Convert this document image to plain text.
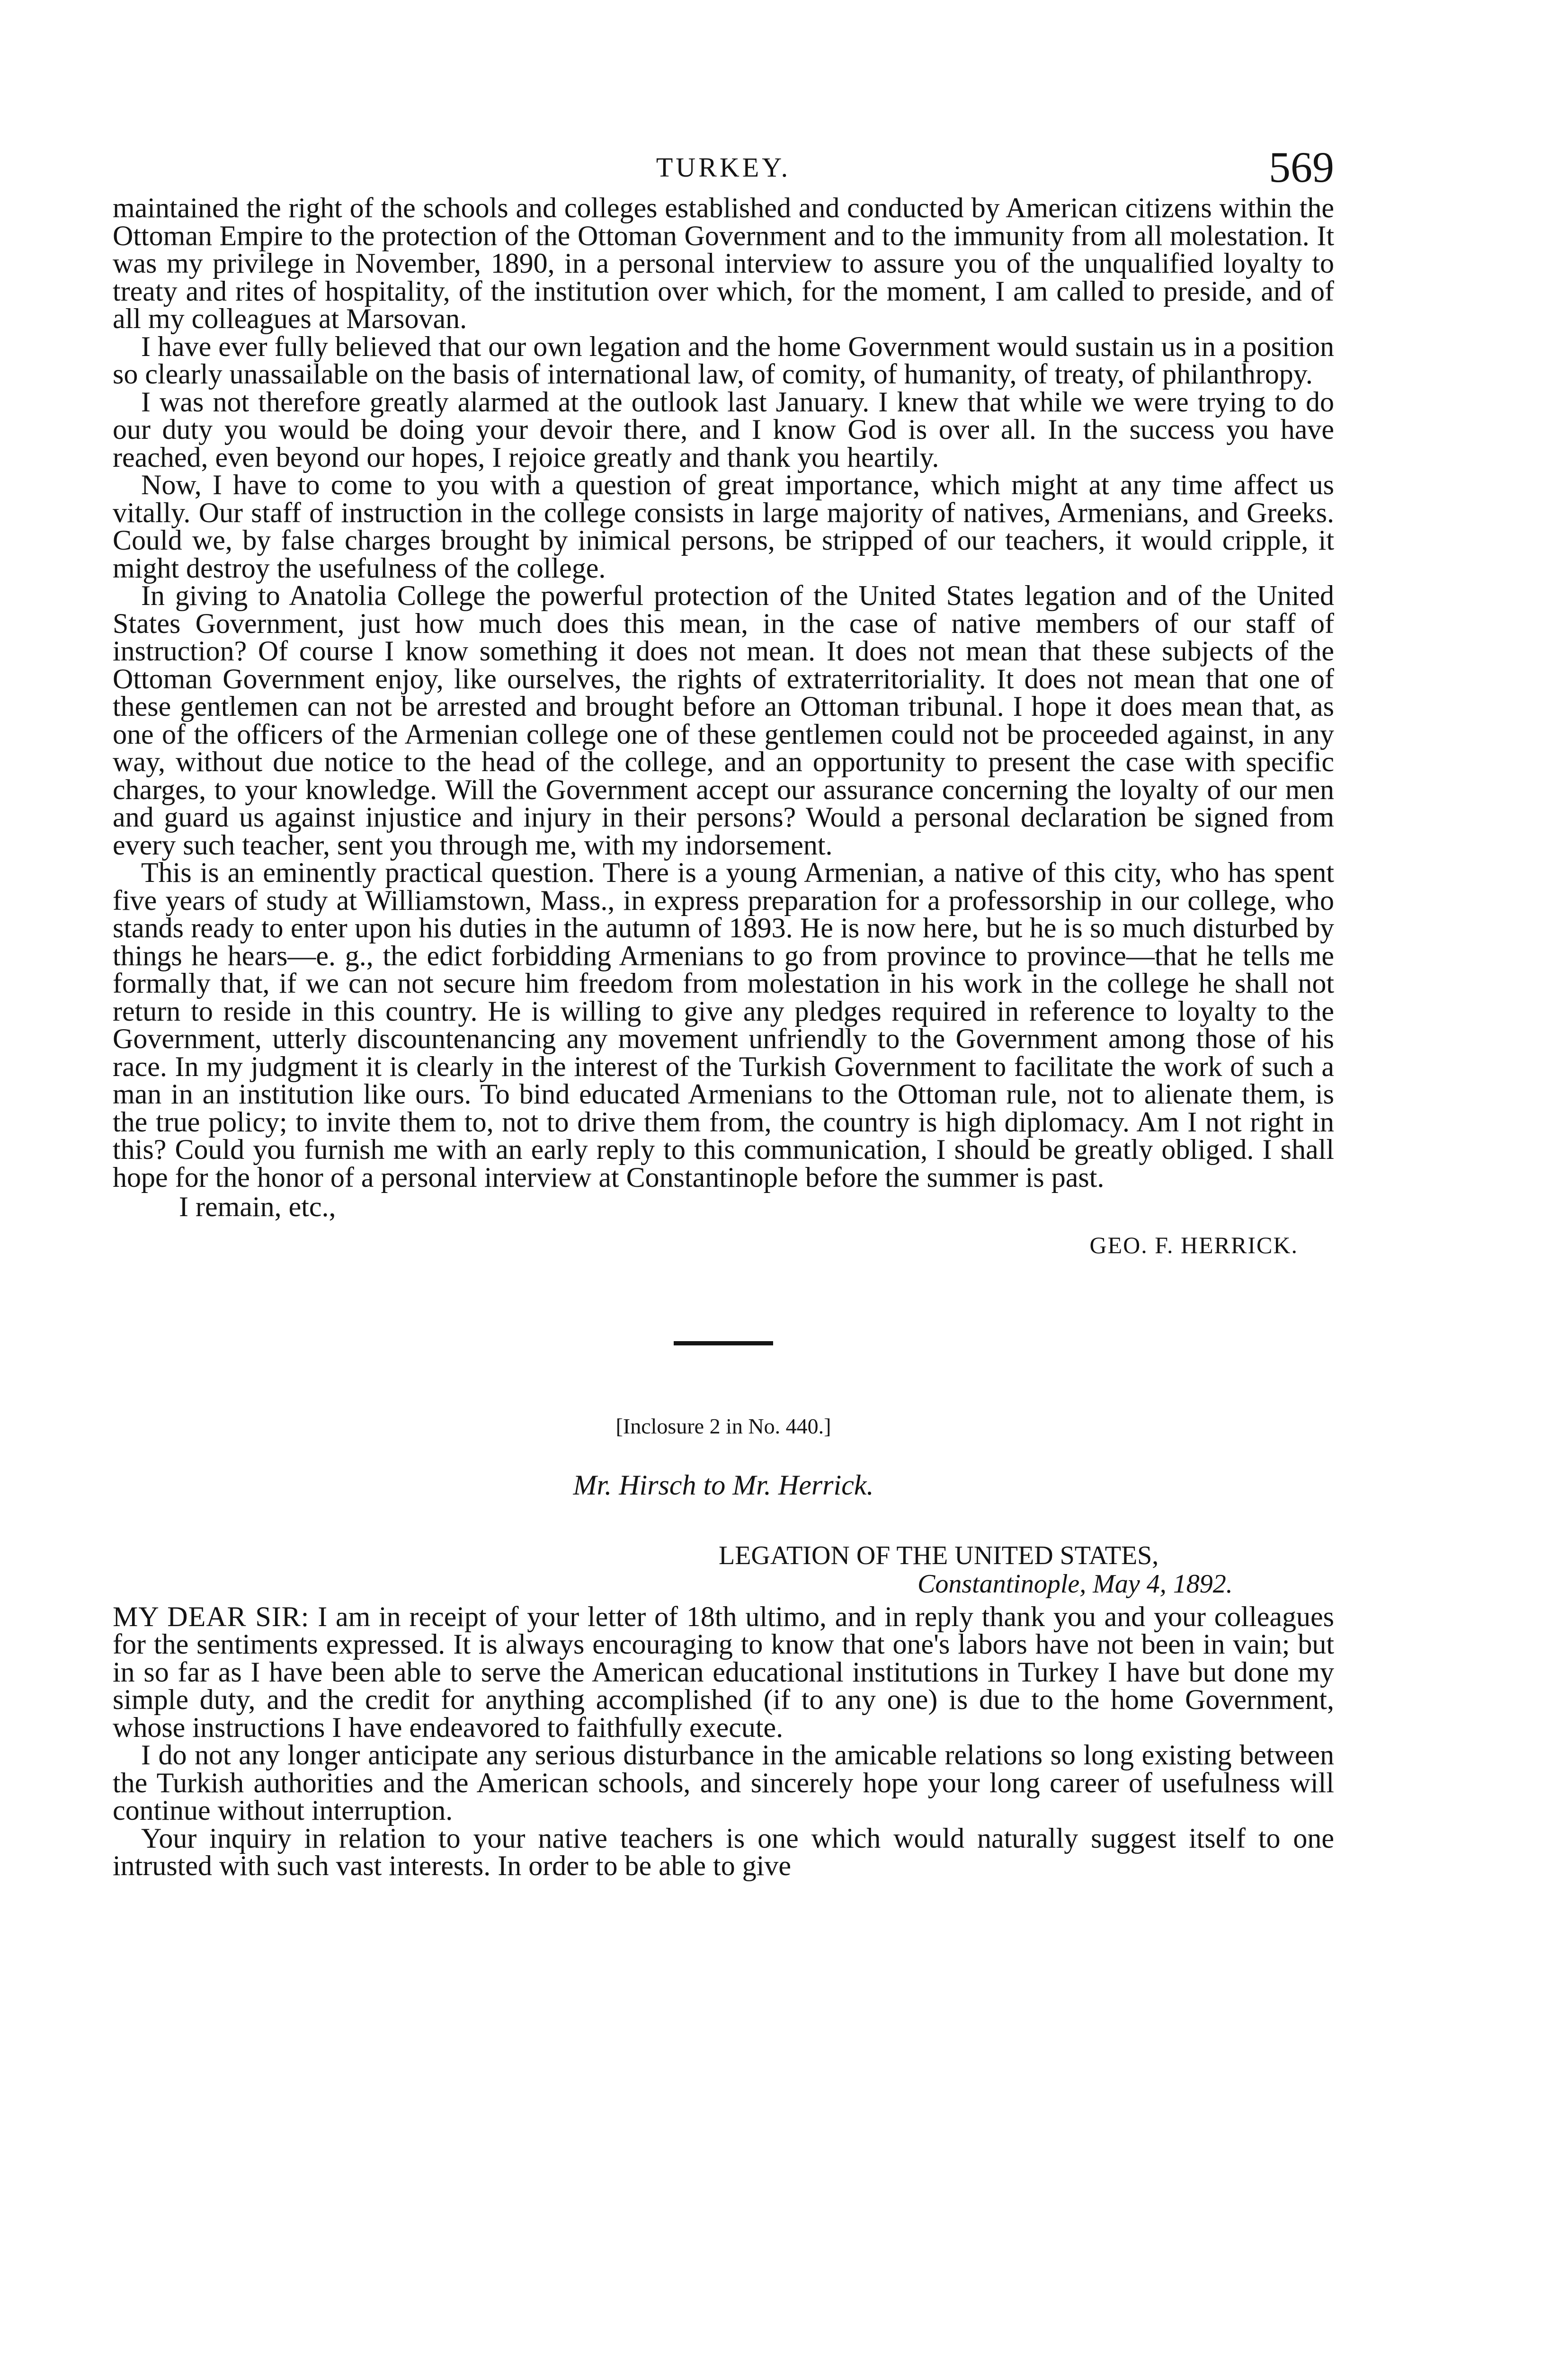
TURKEY.	569

maintained the right of the schools and colleges established and conducted by American citizens within the Ottoman Empire to the protection of the Ottoman Government and to the immunity from all molestation. It was my privilege in November, 1890, in a personal interview to assure you of the unqualified loyalty to treaty and rites of hospitality, of the institution over which, for the moment, I am called to preside, and of all my colleagues at Marsovan.

I have ever fully believed that our own legation and the home Government would sustain us in a position so clearly unassailable on the basis of international law, of comity, of humanity, of treaty, of philanthropy.

I was not therefore greatly alarmed at the outlook last January. I knew that while we were trying to do our duty you would be doing your devoir there, and I know God is over all. In the success you have reached, even beyond our hopes, I rejoice greatly and thank you heartily.

Now, I have to come to you with a question of great importance, which might at any time affect us vitally. Our staff of instruction in the college consists in large majority of natives, Armenians, and Greeks. Could we, by false charges brought by inimical persons, be stripped of our teachers, it would cripple, it might destroy the usefulness of the college.

In giving to Anatolia College the powerful protection of the United States legation and of the United States Government, just how much does this mean, in the case of native members of our staff of instruction? Of course I know something it does not mean. It does not mean that these subjects of the Ottoman Government enjoy, like ourselves, the rights of extraterritoriality. It does not mean that one of these gentlemen can not be arrested and brought before an Ottoman tribunal. I hope it does mean that, as one of the officers of the Armenian college one of these gentlemen could not be proceeded against, in any way, without due notice to the head of the college, and an opportunity to present the case with specific charges, to your knowledge. Will the Government accept our assurance concerning the loyalty of our men and guard us against injustice and injury in their persons? Would a personal declaration be signed from every such teacher, sent you through me, with my indorsement.

This is an eminently practical question. There is a young Armenian, a native of this city, who has spent five years of study at Williamstown, Mass., in express preparation for a professorship in our college, who stands ready to enter upon his duties in the autumn of 1893. He is now here, but he is so much disturbed by things he hears—e. g., the edict forbidding Armenians to go from province to province—that he tells me formally that, if we can not secure him freedom from molestation in his work in the college he shall not return to reside in this country. He is willing to give any pledges required in reference to loyalty to the Government, utterly discountenancing any movement unfriendly to the Government among those of his race. In my judgment it is clearly in the interest of the Turkish Government to facilitate the work of such a man in an institution like ours. To bind educated Armenians to the Ottoman rule, not to alienate them, is the true policy; to invite them to, not to drive them from, the country is high diplomacy. Am I not right in this? Could you furnish me with an early reply to this communication, I should be greatly obliged. I shall hope for the honor of a personal interview at Constantinople before the summer is past.

I remain, etc.,

GEO. F. HERRICK.
[Inclosure 2 in No. 440.]
Mr. Hirsch to Mr. Herrick.
LEGATION OF THE UNITED STATES,
Constantinople, May 4, 1892.

MY DEAR SIR: I am in receipt of your letter of 18th ultimo, and in reply thank you and your colleagues for the sentiments expressed. It is always encouraging to know that one's labors have not been in vain; but in so far as I have been able to serve the American educational institutions in Turkey I have but done my simple duty, and the credit for anything accomplished (if to any one) is due to the home Government, whose instructions I have endeavored to faithfully execute.

I do not any longer anticipate any serious disturbance in the amicable relations so long existing between the Turkish authorities and the American schools, and sincerely hope your long career of usefulness will continue without interruption.

Your inquiry in relation to your native teachers is one which would naturally suggest itself to one intrusted with such vast interests. In order to be able to give
